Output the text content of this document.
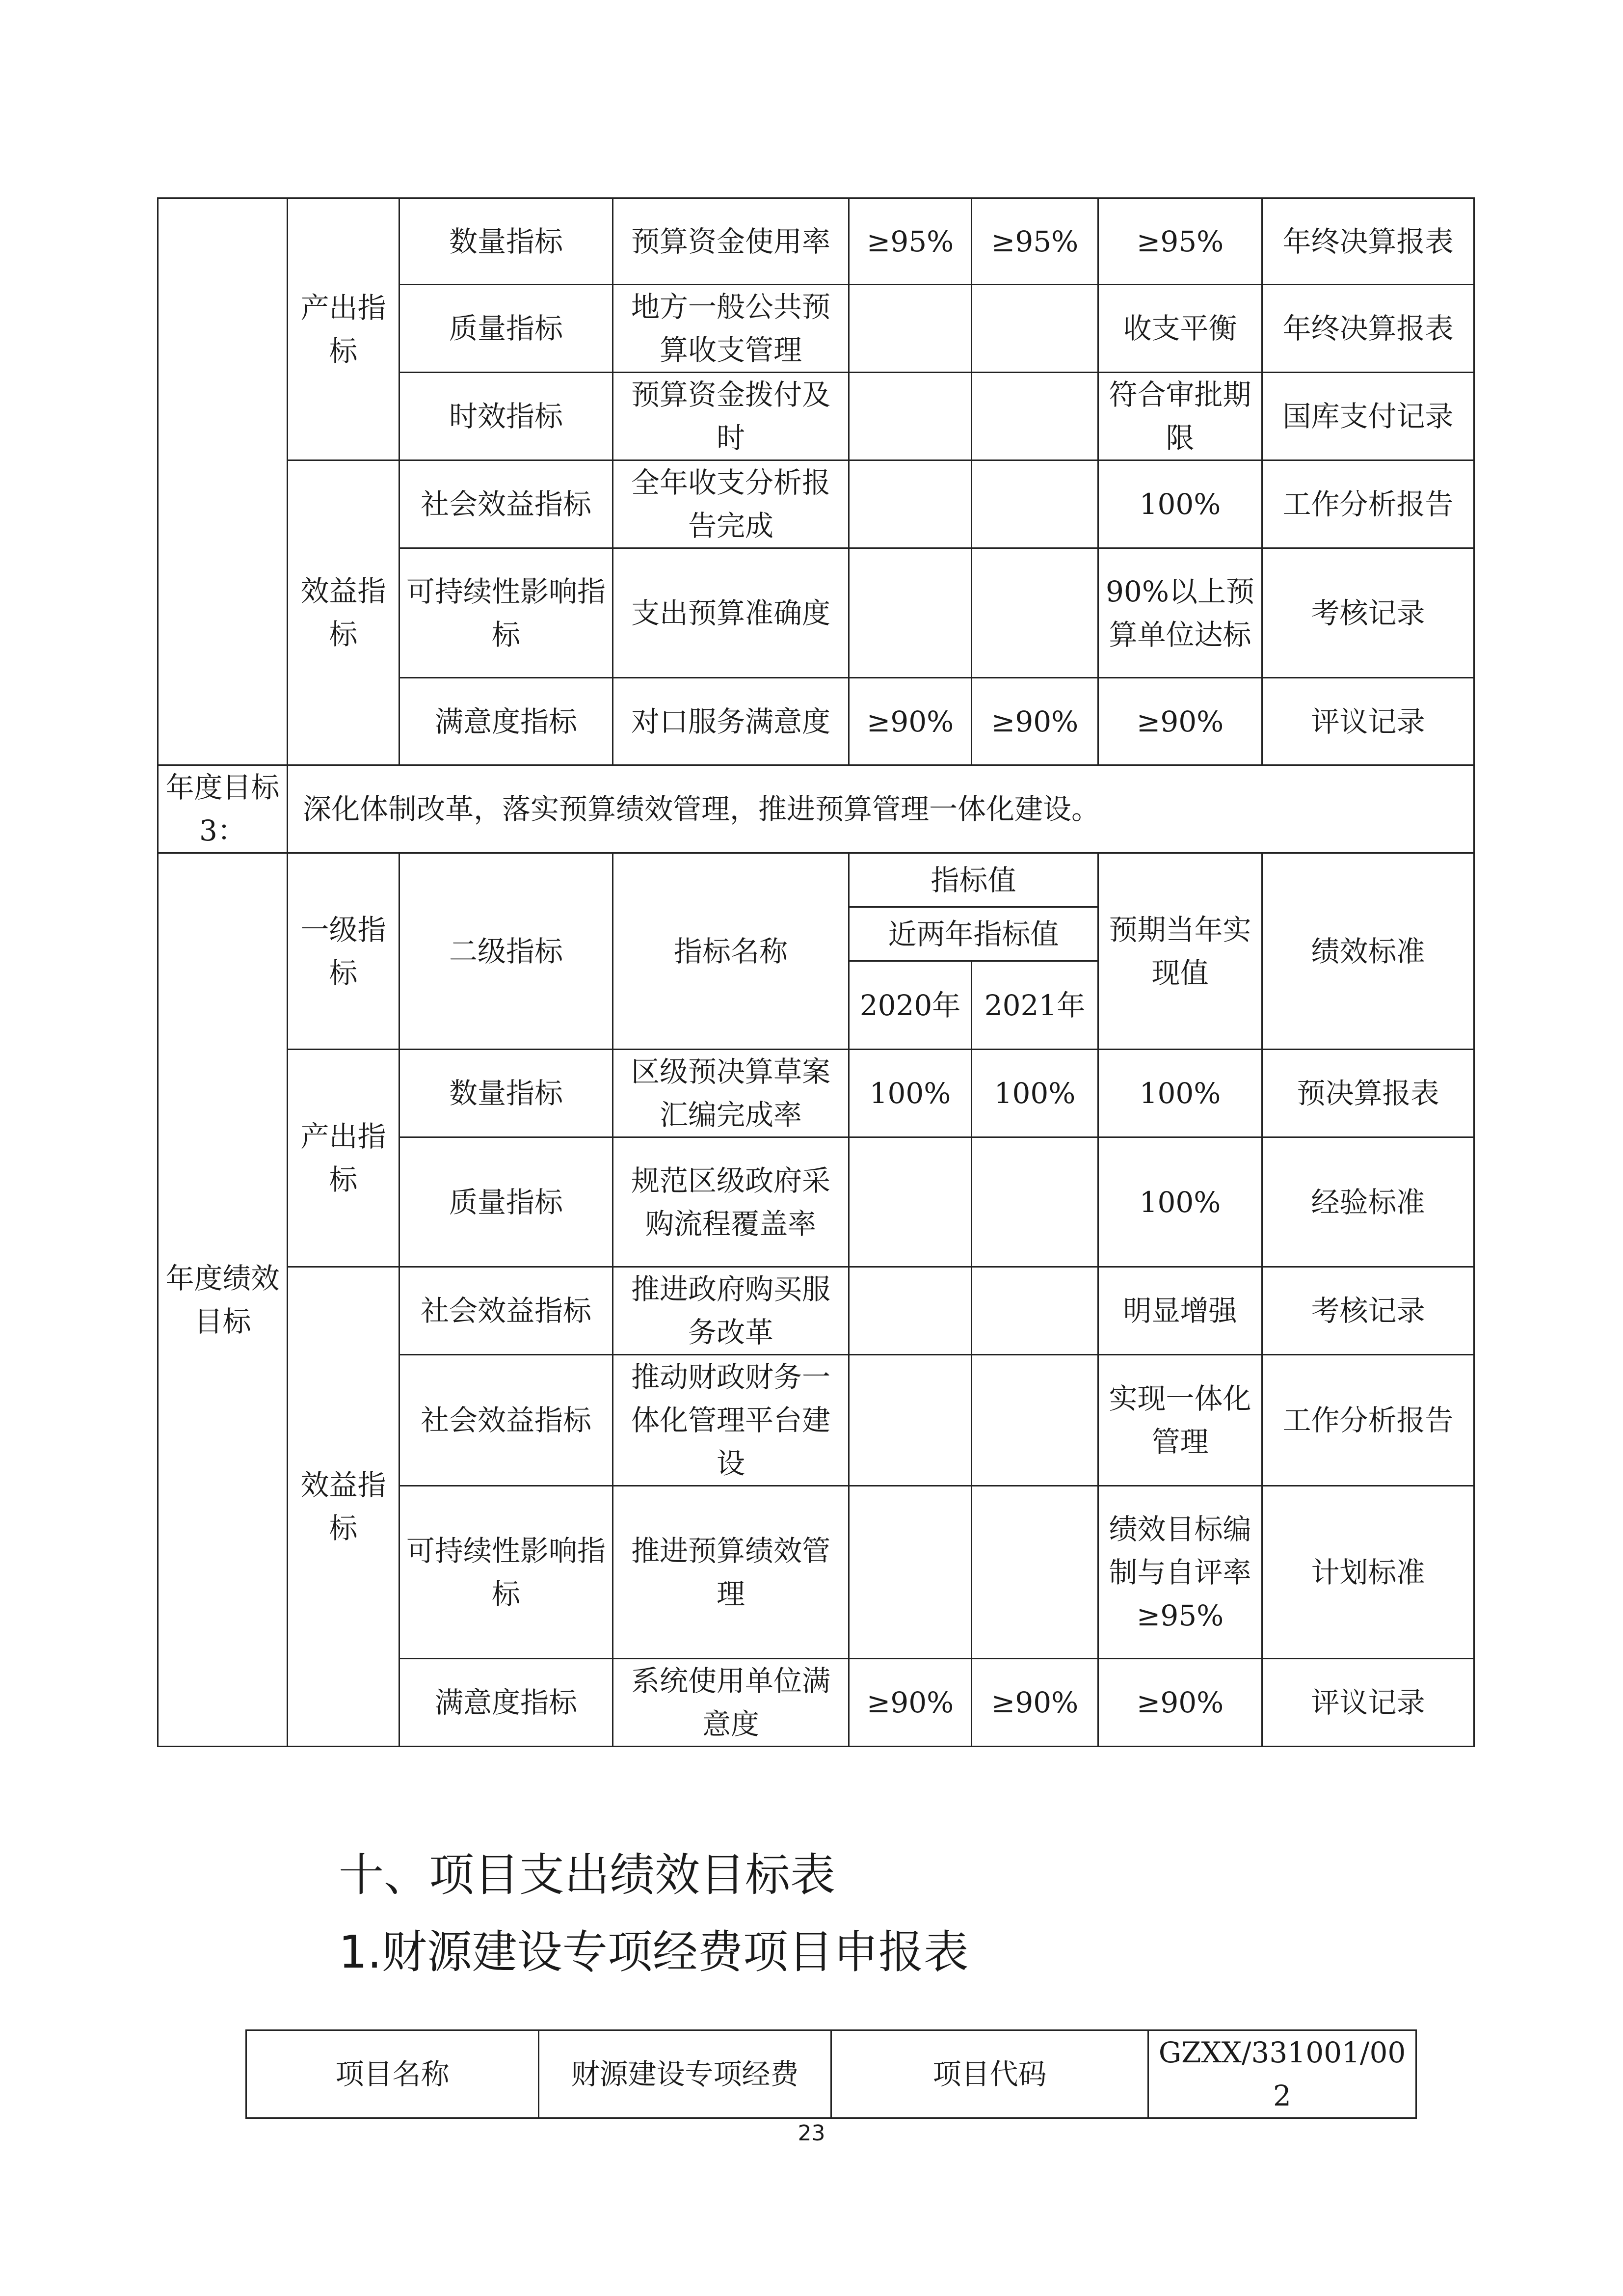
	产出指标	数量指标	预算资金使用率	≥95%	≥95%	≥95%	年终决算报表
		质量指标	地方一般公共预算收支管理			收支平衡	年终决算报表
		时效指标	预算资金拨付及时			符合审批期限	国库支付记录
	效益指标	社会效益指标	全年收支分析报告完成			100%	工作分析报告
		可持续性影响指标	支出预算准确度			90%以上预算单位达标	考核记录
		满意度指标	对口服务满意度	≥90%	≥90%	≥90%	评议记录
年度目标3：	深化体制改革，落实预算绩效管理，推进预算管理一体化建设。						
年度绩效目标	一级指标	二级指标	指标名称	指标值		预期当年实现值	绩效标准
				近两年指标值			
				2020年	2021年		
	产出指标	数量指标	区级预决算草案汇编完成率	100%	100%	100%	预决算报表
		质量指标	规范区级政府采购流程覆盖率			100%	经验标准
	效益指标	社会效益指标	推进政府购买服务改革			明显增强	考核记录
		社会效益指标	推动财政财务一体化管理平台建设			实现一体化管理	工作分析报告
		可持续性影响指标	推进预算绩效管理			绩效目标编制与自评率≥95%	计划标准
		满意度指标	系统使用单位满意度	≥90%	≥90%	≥90%	评议记录
十、项目支出绩效目标表
1.财源建设专项经费项目申报表
项目名称	财源建设专项经费	项目代码	GZXX/331001/002
23
